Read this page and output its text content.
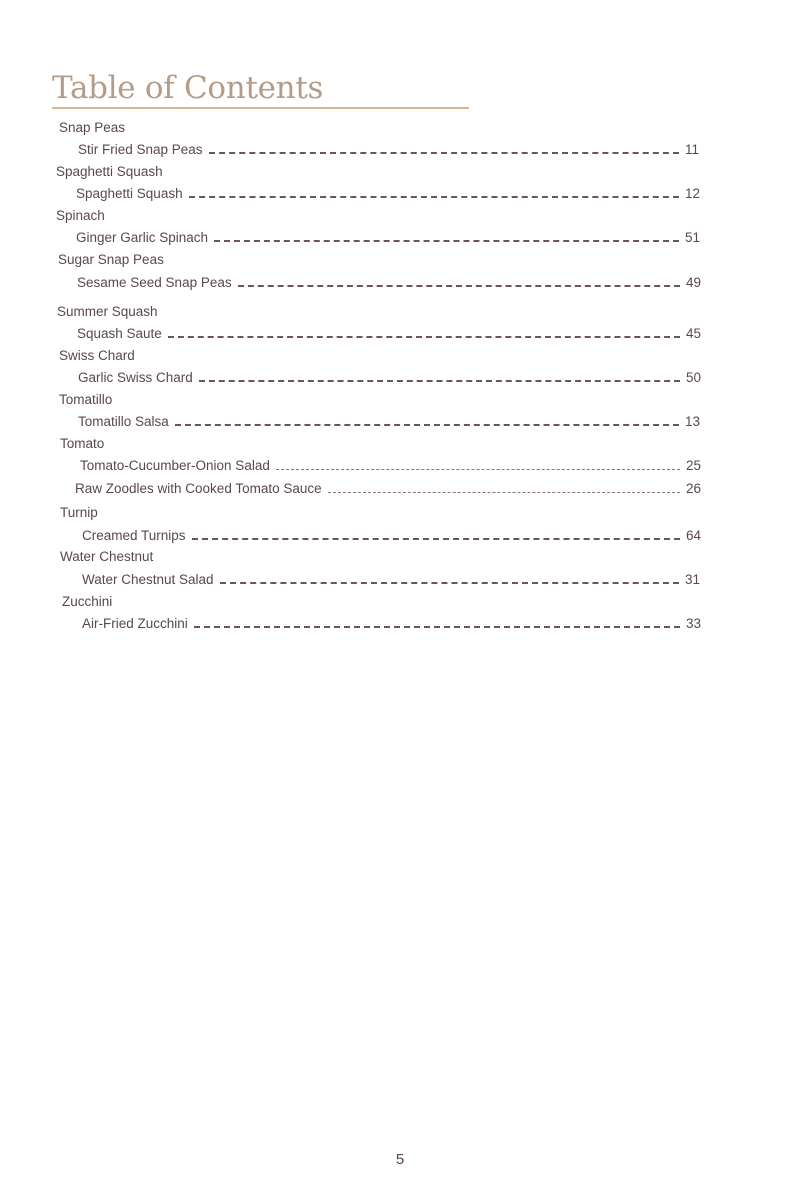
Table of Contents
Snap Peas
Stir Fried Snap Peas	11
Spaghetti Squash
Spaghetti Squash	12
Spinach
Ginger Garlic Spinach	51
Sugar Snap Peas
Sesame Seed Snap Peas	49
Summer Squash
Squash Saute	45
Swiss Chard
Garlic Swiss Chard	50
Tomatillo
Tomatillo Salsa	13
Tomato
Tomato-Cucumber-Onion Salad	25
Raw Zoodles with Cooked Tomato Sauce	26
Turnip
Creamed Turnips	64
Water Chestnut
Water Chestnut Salad	31
Zucchini
Air-Fried Zucchini	33
5
